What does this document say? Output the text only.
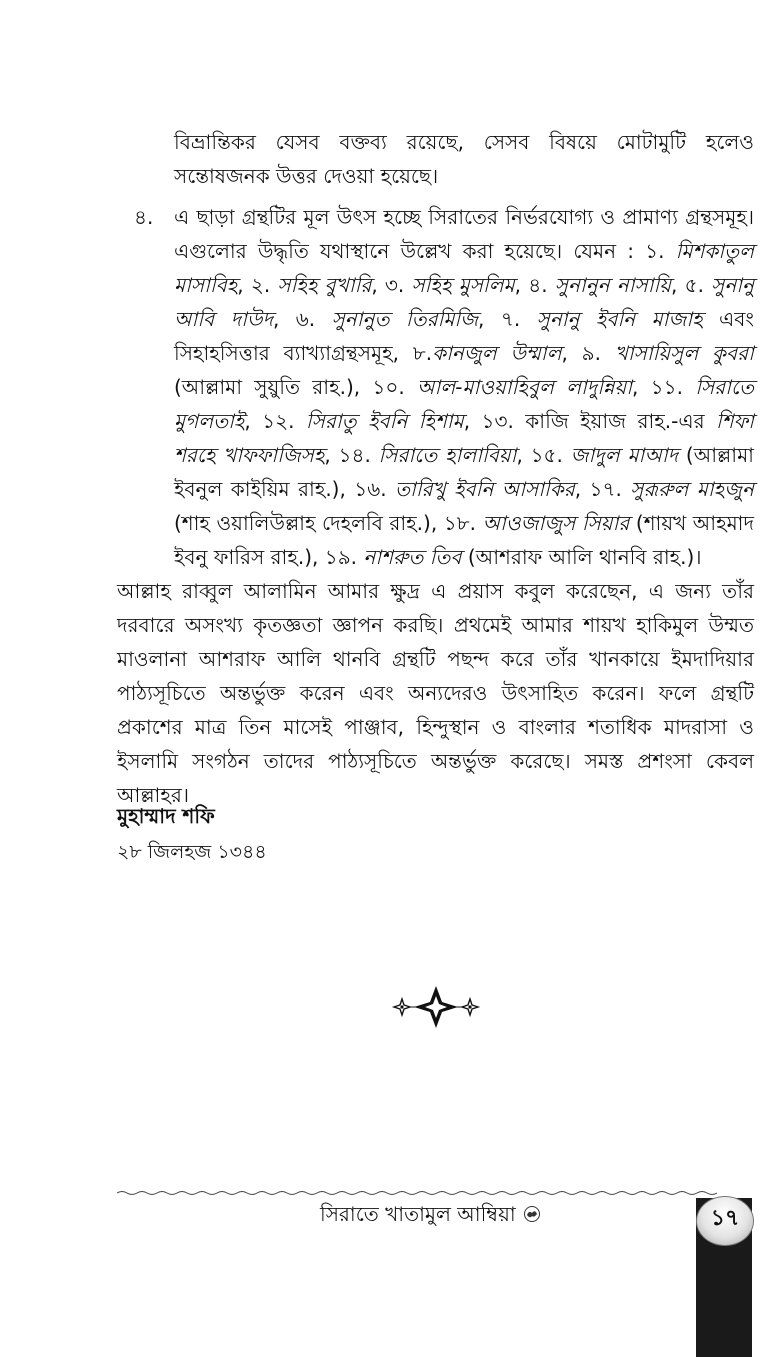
বিভ্রান্তিকর যেসব বক্তব্য রয়েছে, সেসব বিষয়ে মোটামুটি হলেও সন্তোষজনক উত্তর দেওয়া হয়েছে।
৪. এ ছাড়া গ্রন্থটির মূল উৎস হচ্ছে সিরাতের নির্ভরযোগ্য ও প্রামাণ্য গ্রন্থসমূহ। এগুলোর উদ্ধৃতি যথাস্থানে উল্লেখ করা হয়েছে। যেমন : ১. মিশকাতুল মাসাবিহ, ২. সহিহ বুখারি, ৩. সহিহ মুসলিম, ৪. সুনানুন নাসায়ি, ৫. সুনানু আবি দাউদ, ৬. সুনানুত তিরমিজি, ৭. সুনানু ইবনি মাজাহ এবং সিহাহসিত্তার ব্যাখ্যাগ্রন্থসমূহ, ৮.কানজুল উম্মাল, ৯. খাসায়িসুল কুবরা (আল্লামা সুয়ুতি রাহ.), ১০. আল-মাওয়াহিবুল লাদুন্নিয়া, ১১. সিরাতে মুগলতাই, ১২. সিরাতু ইবনি হিশাম, ১৩. কাজি ইয়াজ রাহ.-এর শিফা শরহে খাফফাজিসহ, ১৪. সিরাতে হালাবিয়া, ১৫. জাদুল মাআদ (আল্লামা ইবনুল কাইয়িম রাহ.), ১৬. তারিখু ইবনি আসাকির, ১৭. সুরূরুল মাহজুন (শাহ ওয়ালিউল্লাহ দেহলবি রাহ.), ১৮. আওজাজুস সিয়ার (শায়খ আহমাদ ইবনু ফারিস রাহ.), ১৯. নাশরুত তিব (আশরাফ আলি থানবি রাহ.)।
আল্লাহ রাব্বুল আলামিন আমার ক্ষুদ্র এ প্রয়াস কবুল করেছেন, এ জন্য তাঁর দরবারে অসংখ্য কৃতজ্ঞতা জ্ঞাপন করছি। প্রথমেই আমার শায়খ হাকিমুল উম্মত মাওলানা আশরাফ আলি থানবি গ্রন্থটি পছন্দ করে তাঁর খানকায়ে ইমদাদিয়ার পাঠ্যসূচিতে অন্তর্ভুক্ত করেন এবং অন্যদেরও উৎসাহিত করেন। ফলে গ্রন্থটি প্রকাশের মাত্র তিন মাসেই পাঞ্জাব, হিন্দুস্থান ও বাংলার শতাধিক মাদরাসা ও ইসলামি সংগঠন তাদের পাঠ্যসূচিতে অন্তর্ভুক্ত করেছে। সমস্ত প্রশংসা কেবল আল্লাহর।
মুহাম্মাদ শফি
২৮ জিলহজ ১৩৪৪
সিরাতে খাতামুল আম্বিয়া	১৭
